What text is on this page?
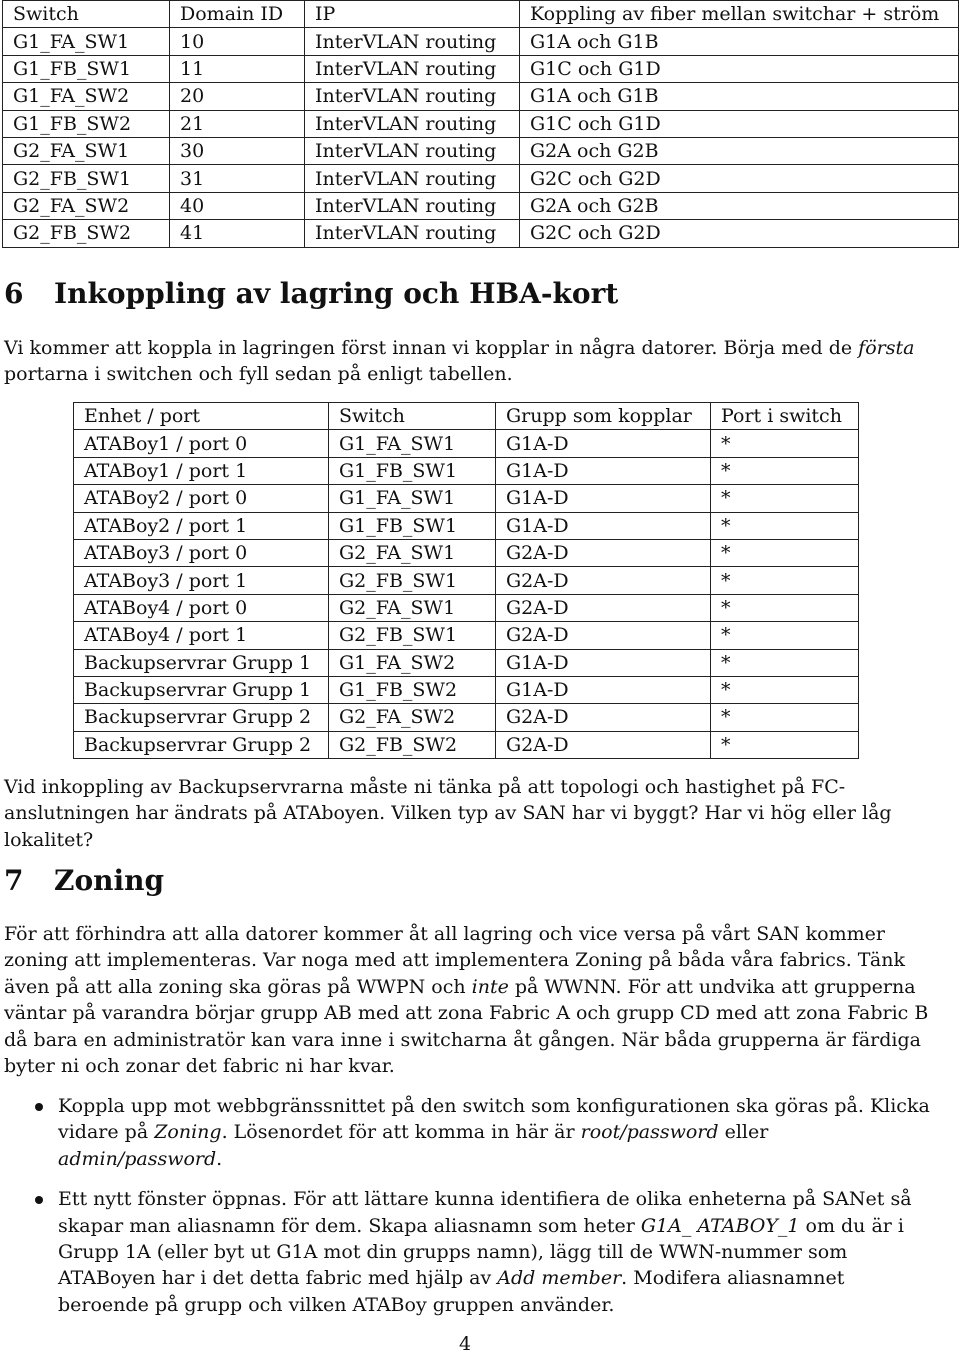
Switch	Domain ID	IP	Koppling av fiber mellan switchar + ström
G1_FA_SW1	10	InterVLAN routing	G1A och G1B
G1_FB_SW1	11	InterVLAN routing	G1C och G1D
G1_FA_SW2	20	InterVLAN routing	G1A och G1B
G1_FB_SW2	21	InterVLAN routing	G1C och G1D
G2_FA_SW1	30	InterVLAN routing	G2A och G2B
G2_FB_SW1	31	InterVLAN routing	G2C och G2D
G2_FA_SW2	40	InterVLAN routing	G2A och G2B
G2_FB_SW2	41	InterVLAN routing	G2C och G2D
6 Inkoppling av lagring och HBA-kort

Vi kommer att koppla in lagringen först innan vi kopplar in några datorer. Börja med de första portarna i switchen och fyll sedan på enligt tabellen.

Enhet / port	Switch	Grupp som kopplar	Port i switch
ATABoy1 / port 0	G1_FA_SW1	G1A-D	*
ATABoy1 / port 1	G1_FB_SW1	G1A-D	*
ATABoy2 / port 0	G1_FA_SW1	G1A-D	*
ATABoy2 / port 1	G1_FB_SW1	G1A-D	*
ATABoy3 / port 0	G2_FA_SW1	G2A-D	*
ATABoy3 / port 1	G2_FB_SW1	G2A-D	*
ATABoy4 / port 0	G2_FA_SW1	G2A-D	*
ATABoy4 / port 1	G2_FB_SW1	G2A-D	*
Backupservrar Grupp 1	G1_FA_SW2	G1A-D	*
Backupservrar Grupp 1	G1_FB_SW2	G1A-D	*
Backupservrar Grupp 2	G2_FA_SW2	G2A-D	*
Backupservrar Grupp 2	G2_FB_SW2	G2A-D	*

Vid inkoppling av Backupservrarna måste ni tänka på att topologi och hastighet på FC-anslutningen har ändrats på ATAboyen. Vilken typ av SAN har vi byggt? Har vi hög eller låg lokalitet?

7 Zoning

För att förhindra att alla datorer kommer åt all lagring och vice versa på vårt SAN kommer zoning att implementeras. Var noga med att implementera Zoning på båda våra fabrics. Tänk även på att alla zoning ska göras på WWPN och inte på WWNN. För att undvika att grupperna väntar på varandra börjar grupp AB med att zona Fabric A och grupp CD med att zona Fabric B då bara en administratör kan vara inne i switcharna åt gången. När båda grupperna är färdiga byter ni och zonar det fabric ni har kvar.

Koppla upp mot webbgränssnittet på den switch som konfigurationen ska göras på. Klicka vidare på Zoning. Lösenordet för att komma in här är root/password eller admin/password.
Ett nytt fönster öppnas. För att lättare kunna identifiera de olika enheterna på SANet så skapar man aliasnamn för dem. Skapa aliasnamn som heter G1A_ ATABOY_1 om du är i Grupp 1A (eller byt ut G1A mot din grupps namn), lägg till de WWN-nummer som ATABoyen har i det detta fabric med hjälp av Add member. Modifera aliasnamnet beroende på grupp och vilken ATABoy gruppen använder.
4
